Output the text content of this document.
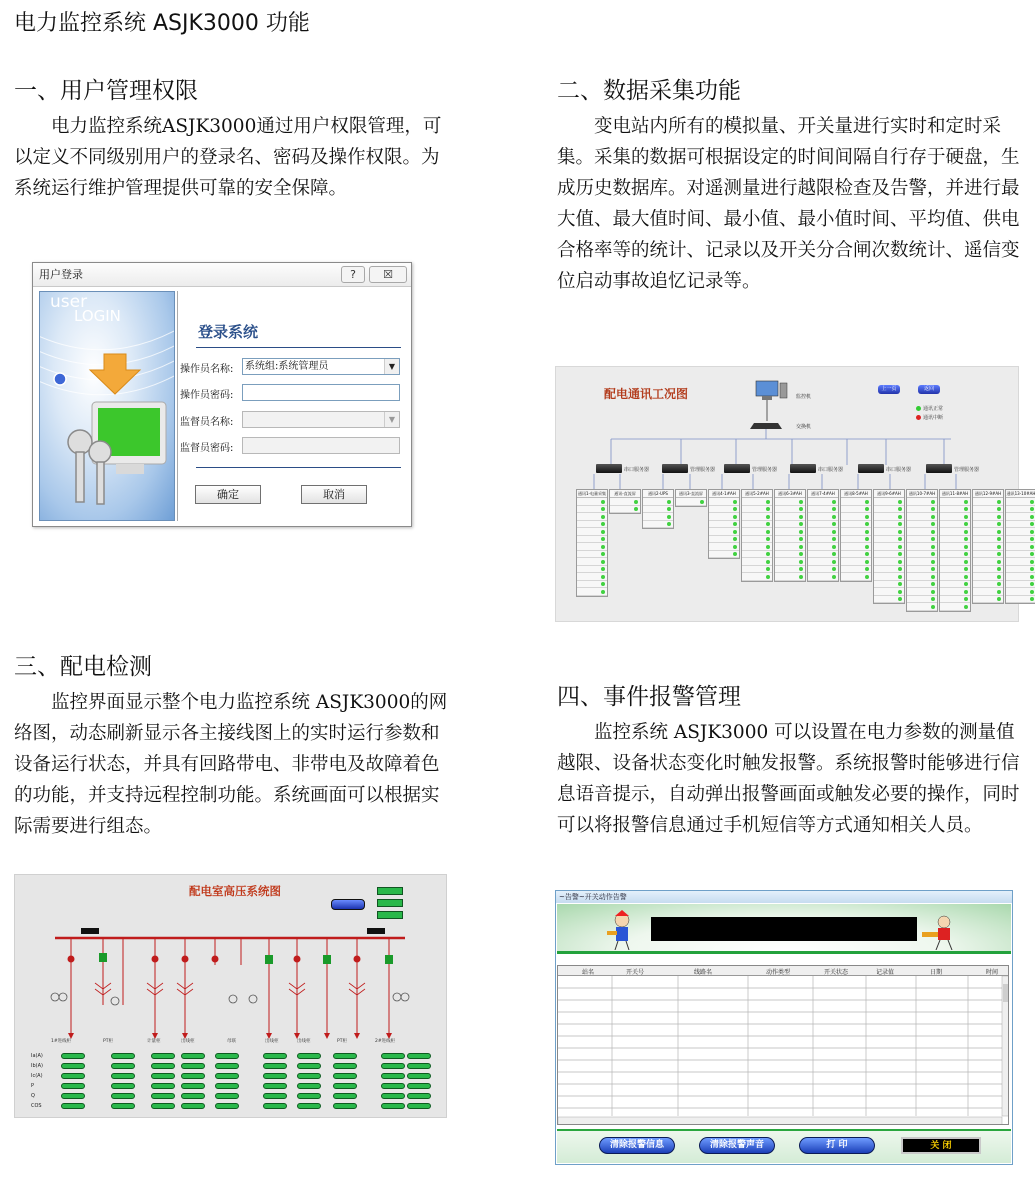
电力监控系统 ASJK3000 功能
一、用户管理权限

电力监控系统ASJK3000通过用户权限管理，可以定义不同级别用户的登录名、密码及操作权限。为系统运行维护管理提供可靠的安全保障。

二、数据采集功能

变电站内所有的模拟量、开关量进行实时和定时采集。采集的数据可根据设定的时间间隔自行存于硬盘，生成历史数据库。对遥测量进行越限检查及告警，并进行最大值、最大值时间、最小值、最小值时间、平均值、供电合格率等的统计、记录以及开关分合闸次数统计、遥信变位启动事故追忆记录等。

用户登录	?	☒
user
LOGIN
登录系统
操作员名称:	系统组:系统管理员	▼
操作员密码:
监督员名称:	▼
监督员密码:
确定	取消
配电通讯工况图	上一页	返回
通讯正常
通讯中断
监控机
交换机
串口服务器	管理服务器	管理服务器	串口服务器	串口服务器	管理服务器
通讯1-电量采集	通讯-直流屏	通讯2-UPS	通讯3-直流屏	通讯4-1#AH	通讯5-2#AH	通讯6-3#AH	通讯7-4#AH	通讯8-5#AH	通讯9-6#AH	通讯10-7#AH	通讯11-8#AH	通讯12-9#AH	通讯13-10#AH
三、配电检测

监控界面显示整个电力监控系统 ASJK3000的网络图，动态刷新显示各主接线图上的实时运行参数和设备运行状态，并具有回路带电、非带电及故障着色的功能，并支持远程控制功能。系统画面可以根据实际需要进行组态。

四、事件报警管理

监控系统 ASJK3000 可以设置在电力参数的测量值越限、设备状态变化时触发报警。系统报警时能够进行信息语音提示，自动弹出报警画面或触发必要的操作，同时可以将报警信息通过手机短信等方式通知相关人员。

配电室高压系统图
1#进线柜	PT柜	计量柜	出线柜	母联	出线柜	出线柜	PT柜	2#进线柜
Ia(A)
Ib(A)
Ic(A)
P
Q
COS
~告警~开关动作告警
站名	开关号	线路名	动作类型	开关状态	记录值	日期	时间
清除报警信息	清除报警声音	打 印	关 闭
